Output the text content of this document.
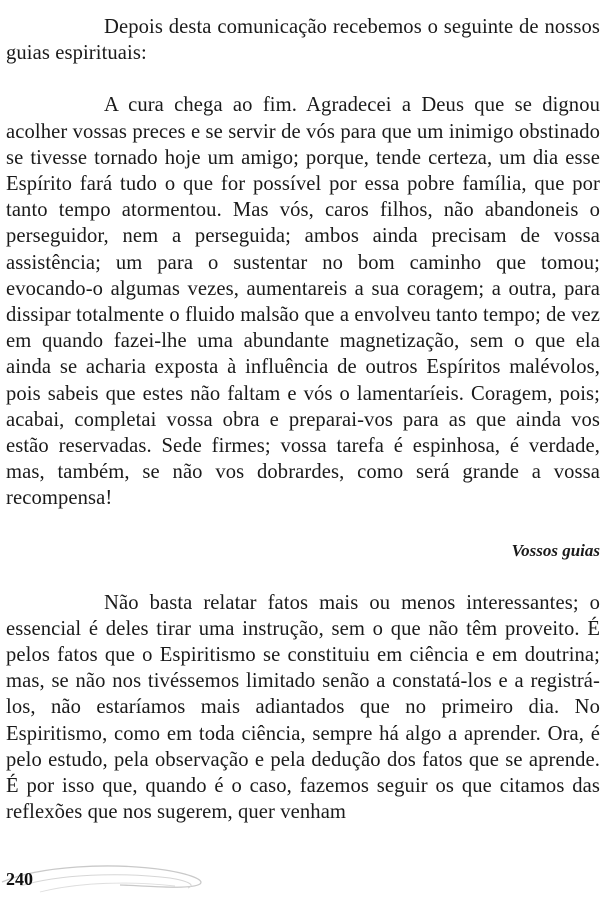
Depois desta comunicação recebemos o seguinte de nossos guias espirituais:

A cura chega ao fim. Agradecei a Deus que se dignou acolher vossas preces e se servir de vós para que um inimigo obstinado se tivesse tornado hoje um amigo; porque, tende certeza, um dia esse Espírito fará tudo o que for possível por essa pobre família, que por tanto tempo atormentou. Mas vós, caros filhos, não abandoneis o perseguidor, nem a perseguida; ambos ainda precisam de vossa assistência; um para o sustentar no bom caminho que tomou; evocando-o algumas vezes, aumentareis a sua coragem; a outra, para dissipar totalmente o fluido malsão que a envolveu tanto tempo; de vez em quando fazei-lhe uma abundante magnetização, sem o que ela ainda se acharia exposta à influência de outros Espíritos malévolos, pois sabeis que estes não faltam e vós o lamentaríeis. Coragem, pois; acabai, completai vossa obra e preparai-vos para as que ainda vos estão reservadas. Sede firmes; vossa tarefa é espinhosa, é verdade, mas, também, se não vos dobrardes, como será grande a vossa recompensa!

Vossos guias

Não basta relatar fatos mais ou menos interessantes; o essencial é deles tirar uma instrução, sem o que não têm proveito. É pelos fatos que o Espiritismo se constituiu em ciência e em doutrina; mas, se não nos tivéssemos limitado senão a constatá-los e a registrá-los, não estaríamos mais adiantados que no primeiro dia. No Espiritismo, como em toda ciência, sempre há algo a aprender. Ora, é pelo estudo, pela observação e pela dedução dos fatos que se aprende. É por isso que, quando é o caso, fazemos seguir os que citamos das reflexões que nos sugerem, quer venham

240
